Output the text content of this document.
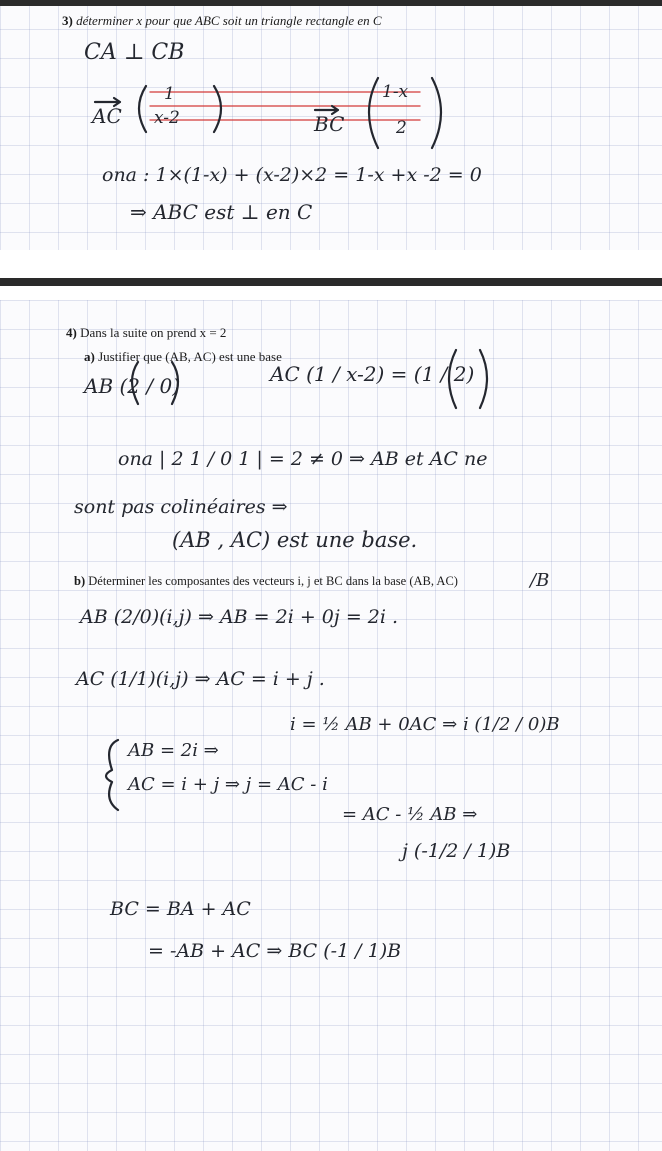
3) déterminer x pour que ABC soit un triangle rectangle en C
CA ⊥ CB
AC
1
x-2	BC
1-x
2
ona : 1×(1-x) + (x-2)×2 = 1-x +x -2 = 0
⇒ ABC est ⊥ en C
4) Dans la suite on prend x = 2
a) Justifier que (AB, AC) est une base
AB (2 / 0)	AC (1 / x-2) = (1 / 2)
ona | 2 1 / 0 1 | = 2 ≠ 0 ⇒ AB et AC ne
sont pas colinéaires ⇒
(AB , AC) est une base.
b) Déterminer les composantes des vecteurs i, j et BC dans la base (AB, AC)	/B
AB (2/0)(i,j) ⇒ AB = 2i + 0j = 2i .
AC (1/1)(i,j) ⇒ AC = i + j .
i = ½ AB + 0AC ⇒ i (1/2 / 0)B
AB = 2i ⇒
AC = i + j ⇒ j = AC - i
= AC - ½ AB ⇒
j (-1/2 / 1)B
BC = BA + AC
= -AB + AC ⇒ BC (-1 / 1)B
